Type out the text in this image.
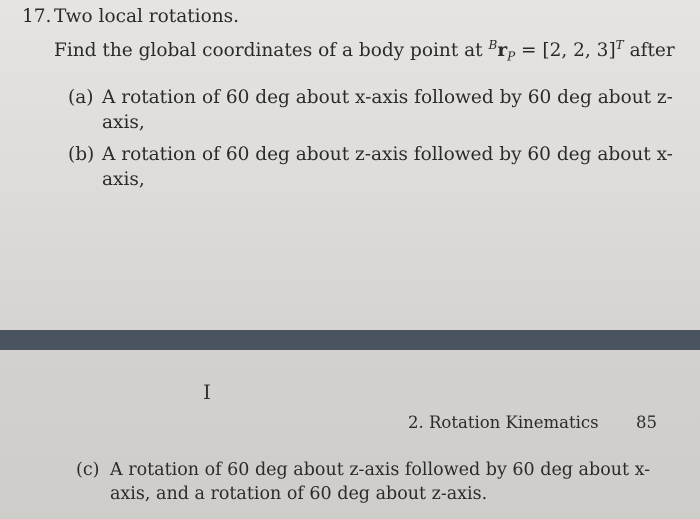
17. Two local rotations.
Find the global coordinates of a body point at $^Br_P = [2$, 2, 3]$^T$ after
(a) A rotation of 60 deg about x-axis followed by 60 deg about z-
axis,
(b) A rotation of 60 deg about z-axis followed by 60 deg about x-
axis,
I
2. Rotation Kinematics 85
(c) A rotation of 60 deg about z-axis followed by 60 deg about x-
axis, and a rotation of 60 deg about z-axis.
